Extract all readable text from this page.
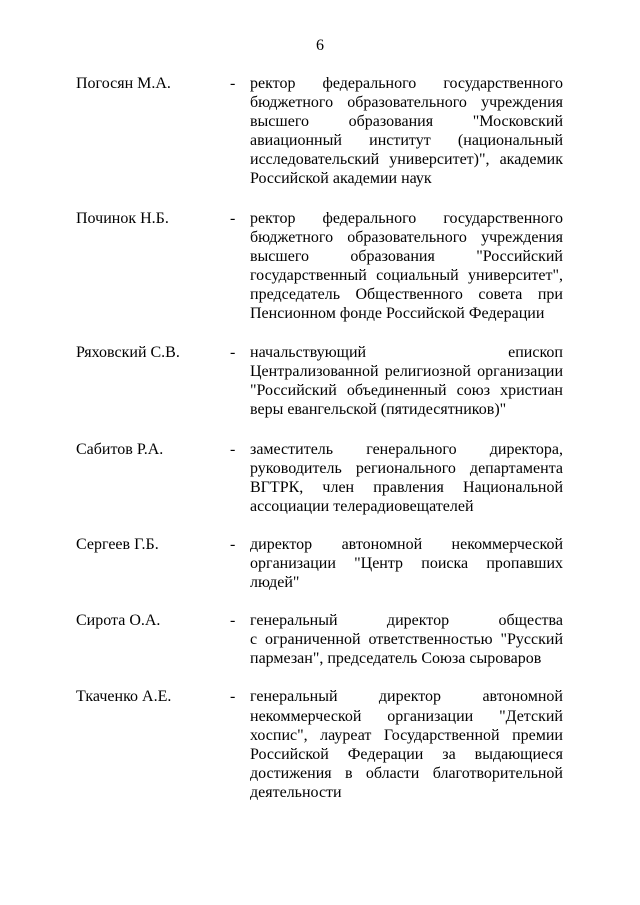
6
Погосян М.А.	- ректор федерального государственного
бюджетного образовательного учреждения
высшего образования "Московский
авиационный институт (национальный
исследовательский университет)", академик
Российской академии наук
Починок Н.Б.	- ректор федерального государственного
бюджетного образовательного учреждения
высшего образования "Российский
государственный социальный университет",
председатель Общественного совета при
Пенсионном фонде Российской Федерации
Ряховский С.В.	- начальствующий епископ
Централизованной религиозной организации
"Российский объединенный союз христиан
веры евангельской (пятидесятников)"
Сабитов Р.А.	- заместитель генерального директора,
руководитель регионального департамента
ВГТРК, член правления Национальной
ассоциации телерадиовещателей
Сергеев Г.Б.	- директор автономной некоммерческой
организации "Центр поиска пропавших
людей"
Сирота О.А.	- генеральный директор общества
с ограниченной ответственностью "Русский
пармезан", председатель Союза сыроваров
Ткаченко А.Е.	- генеральный директор автономной
некоммерческой организации "Детский
хоспис", лауреат Государственной премии
Российской Федерации за выдающиеся
достижения в области благотворительной
деятельности
